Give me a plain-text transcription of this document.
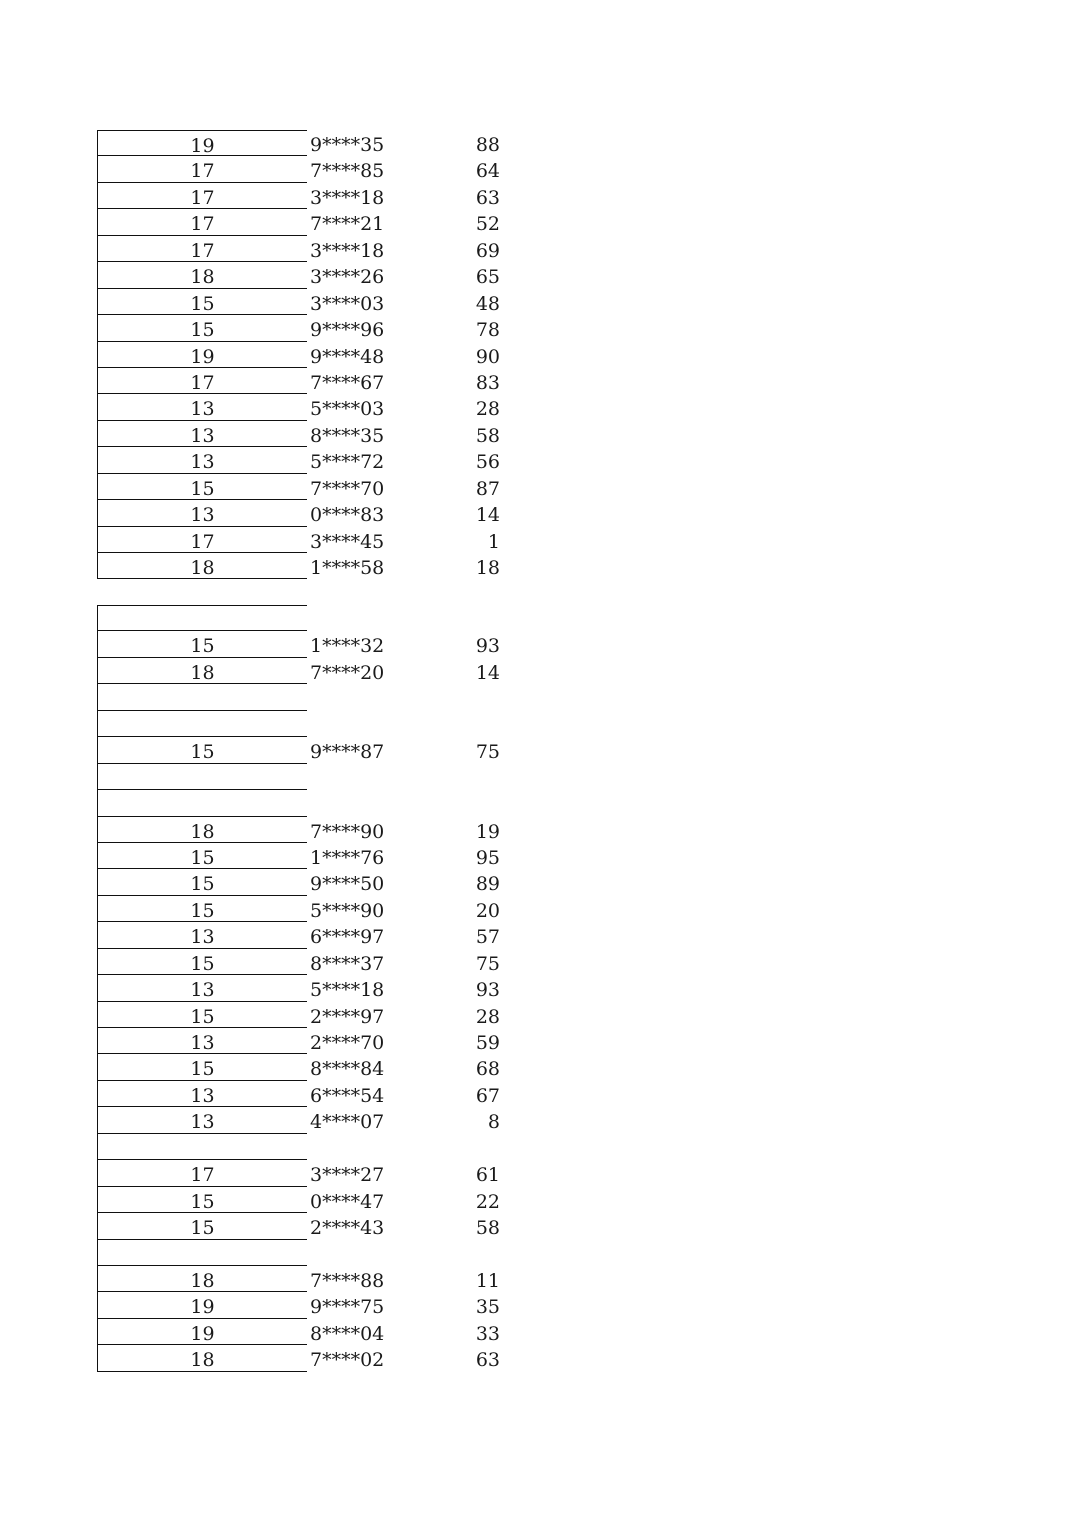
19	9****35	88
17	7****85	64
17	3****18	63
17	7****21	52
17	3****18	69
18	3****26	65
15	3****03	48
15	9****96	78
19	9****48	90
17	7****67	83
13	5****03	28
13	8****35	58
13	5****72	56
15	7****70	87
13	0****83	14
17	3****45	1
18	1****58	18
15	1****32	93
18	7****20	14
15	9****87	75
18	7****90	19
15	1****76	95
15	9****50	89
15	5****90	20
13	6****97	57
15	8****37	75
13	5****18	93
15	2****97	28
13	2****70	59
15	8****84	68
13	6****54	67
13	4****07	8
17	3****27	61
15	0****47	22
15	2****43	58
18	7****88	11
19	9****75	35
19	8****04	33
18	7****02	63
